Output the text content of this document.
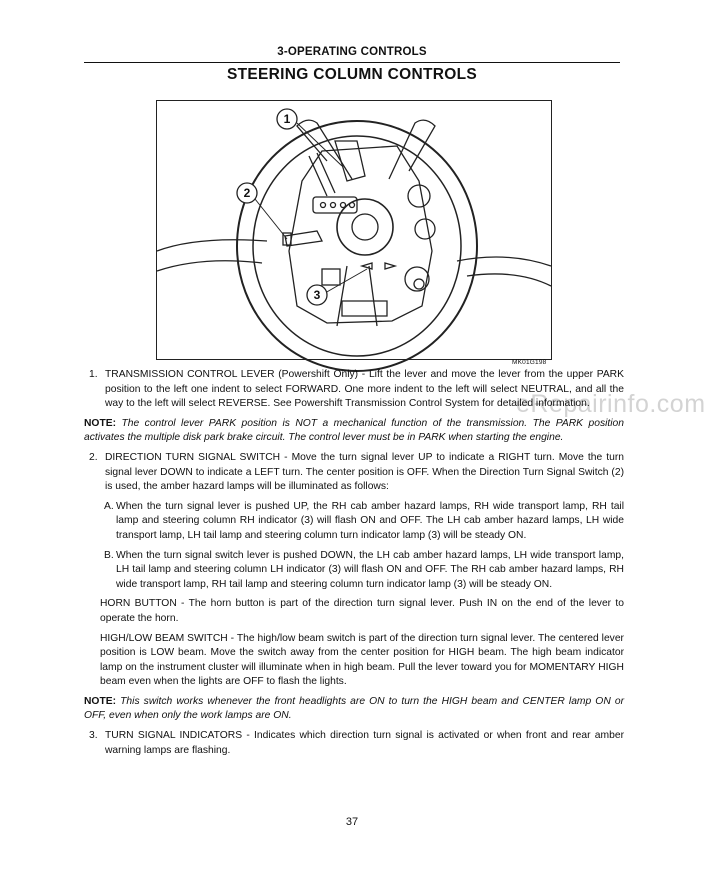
3-OPERATING CONTROLS
STEERING COLUMN CONTROLS
1
2
3
MK01G198
eRepairinfo.com
1. TRANSMISSION CONTROL LEVER (Powershift Only) - Lift the lever and move the lever from the upper PARK position to the left one indent to select FORWARD. One more indent to the left will select NEUTRAL, and all the way to the left will select REVERSE. See Powershift Transmission Control System for detailed information.
NOTE: The control lever PARK position is NOT a mechanical function of the transmission. The PARK position activates the multiple disk park brake circuit. The control lever must be in PARK when starting the engine.
2. DIRECTION TURN SIGNAL SWITCH - Move the turn signal lever UP to indicate a RIGHT turn. Move the turn signal lever DOWN to indicate a LEFT turn. The center position is OFF. When the Direction Turn Signal Switch (2) is used, the amber hazard lamps will be illuminated as follows:
A. When the turn signal lever is pushed UP, the RH cab amber hazard lamps, RH wide transport lamp, RH tail lamp and steering column RH indicator (3) will flash ON and OFF. The LH cab amber hazard lamps, LH wide transport lamp, LH tail lamp and steering column turn indicator lamp (3) will be steady ON.
B. When the turn signal switch lever is pushed DOWN, the LH cab amber hazard lamps, LH wide transport lamp, LH tail lamp and steering column LH indicator (3) will flash ON and OFF. The RH cab amber hazard lamps, RH wide transport lamp, RH tail lamp and steering column turn indicator lamp (3) will be steady ON.
HORN BUTTON - The horn button is part of the direction turn signal lever. Push IN on the end of the lever to operate the horn.
HIGH/LOW BEAM SWITCH - The high/low beam switch is part of the direction turn signal lever. The centered lever position is LOW beam. Move the switch away from the center position for HIGH beam. The high beam indicator lamp on the instrument cluster will illuminate when in high beam. Pull the lever toward you for MOMENTARY HIGH beam even when the lights are OFF to flash the lights.
NOTE: This switch works whenever the front headlights are ON to turn the HIGH beam and CENTER lamp ON or OFF, even when only the work lamps are ON.
3. TURN SIGNAL INDICATORS - Indicates which direction turn signal is activated or when front and rear amber warning lamps are flashing.
37
